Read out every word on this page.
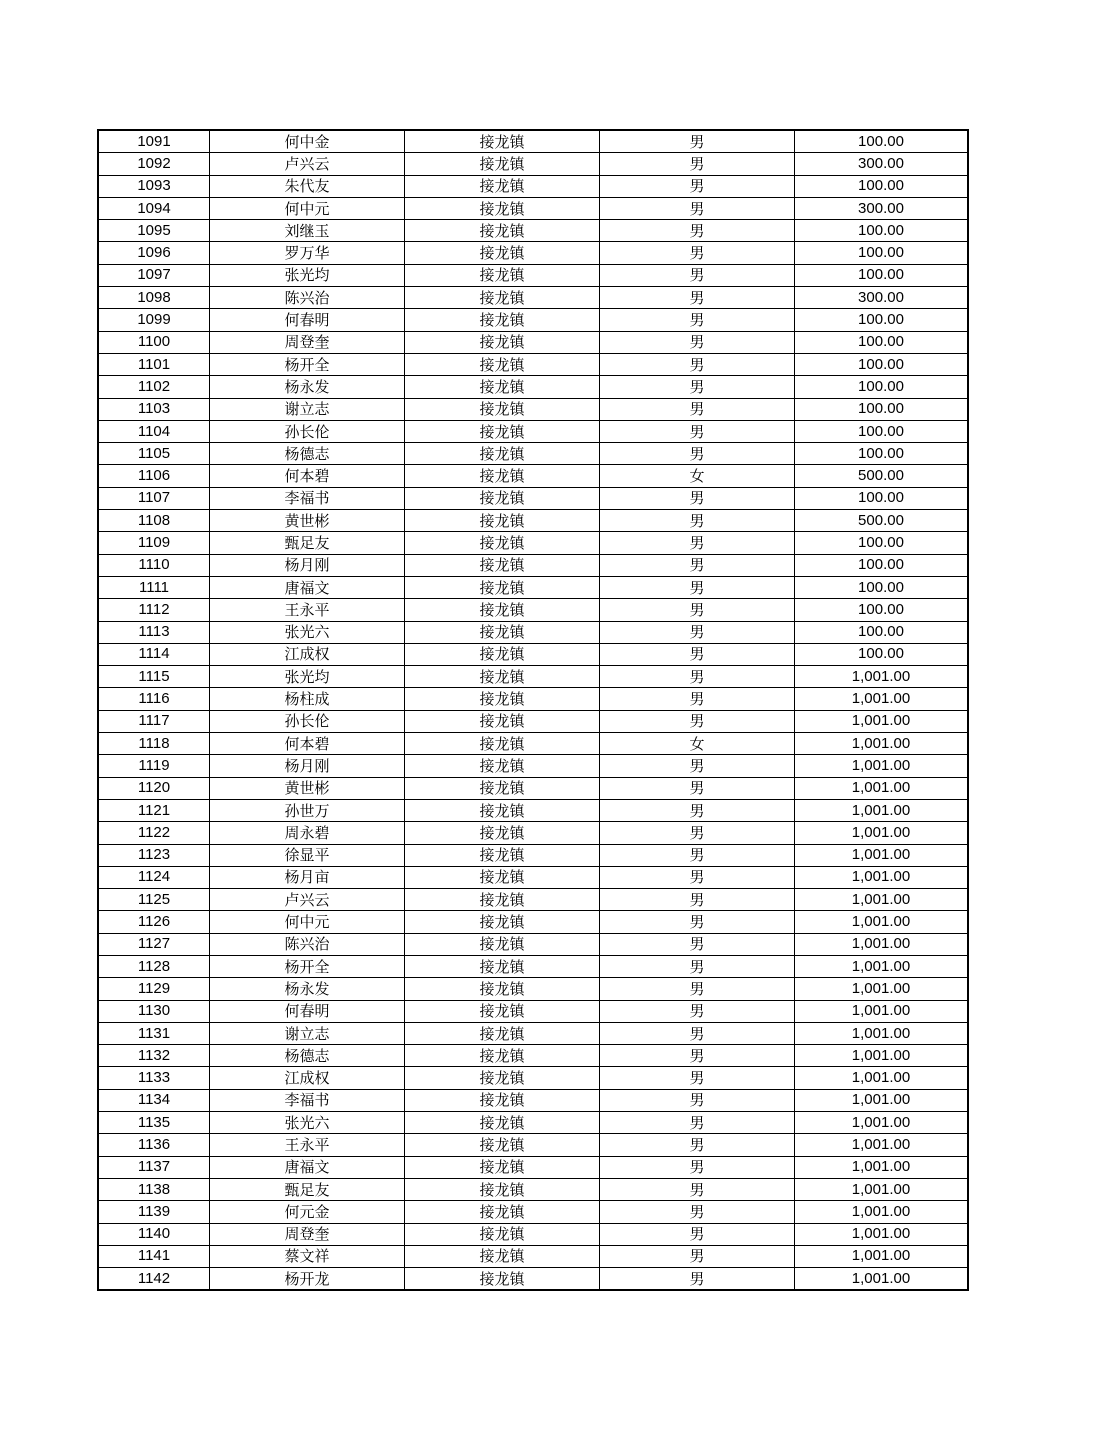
1091	何中金	接龙镇	男	100.00
1092	卢兴云	接龙镇	男	300.00
1093	朱代友	接龙镇	男	100.00
1094	何中元	接龙镇	男	300.00
1095	刘继玉	接龙镇	男	100.00
1096	罗万华	接龙镇	男	100.00
1097	张光均	接龙镇	男	100.00
1098	陈兴治	接龙镇	男	300.00
1099	何春明	接龙镇	男	100.00
1100	周登奎	接龙镇	男	100.00
1101	杨开全	接龙镇	男	100.00
1102	杨永发	接龙镇	男	100.00
1103	谢立志	接龙镇	男	100.00
1104	孙长伦	接龙镇	男	100.00
1105	杨德志	接龙镇	男	100.00
1106	何本碧	接龙镇	女	500.00
1107	李福书	接龙镇	男	100.00
1108	黄世彬	接龙镇	男	500.00
1109	甄足友	接龙镇	男	100.00
1110	杨月刚	接龙镇	男	100.00
1111	唐福文	接龙镇	男	100.00
1112	王永平	接龙镇	男	100.00
1113	张光六	接龙镇	男	100.00
1114	江成权	接龙镇	男	100.00
1115	张光均	接龙镇	男	1,001.00
1116	杨柱成	接龙镇	男	1,001.00
1117	孙长伦	接龙镇	男	1,001.00
1118	何本碧	接龙镇	女	1,001.00
1119	杨月刚	接龙镇	男	1,001.00
1120	黄世彬	接龙镇	男	1,001.00
1121	孙世万	接龙镇	男	1,001.00
1122	周永碧	接龙镇	男	1,001.00
1123	徐显平	接龙镇	男	1,001.00
1124	杨月亩	接龙镇	男	1,001.00
1125	卢兴云	接龙镇	男	1,001.00
1126	何中元	接龙镇	男	1,001.00
1127	陈兴治	接龙镇	男	1,001.00
1128	杨开全	接龙镇	男	1,001.00
1129	杨永发	接龙镇	男	1,001.00
1130	何春明	接龙镇	男	1,001.00
1131	谢立志	接龙镇	男	1,001.00
1132	杨德志	接龙镇	男	1,001.00
1133	江成权	接龙镇	男	1,001.00
1134	李福书	接龙镇	男	1,001.00
1135	张光六	接龙镇	男	1,001.00
1136	王永平	接龙镇	男	1,001.00
1137	唐福文	接龙镇	男	1,001.00
1138	甄足友	接龙镇	男	1,001.00
1139	何元金	接龙镇	男	1,001.00
1140	周登奎	接龙镇	男	1,001.00
1141	蔡文祥	接龙镇	男	1,001.00
1142	杨开龙	接龙镇	男	1,001.00
